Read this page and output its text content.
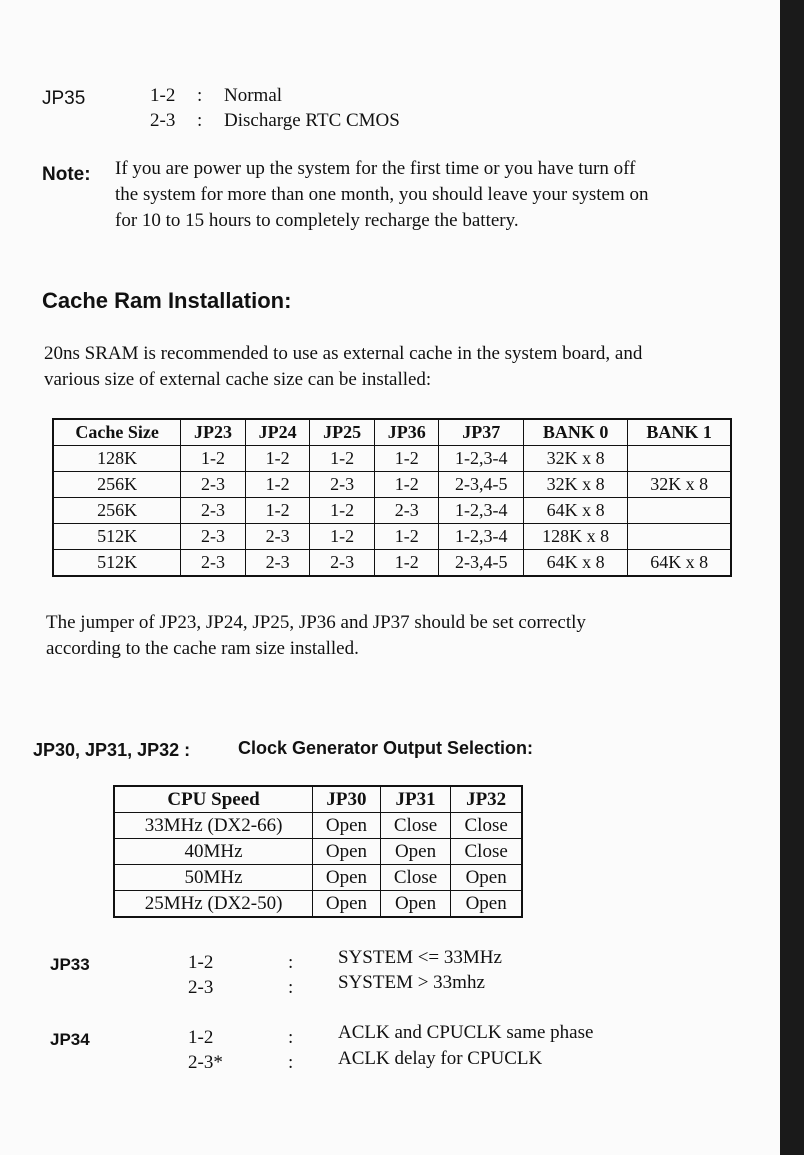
JP35	1-2 : Normal
2-3 : Discharge RTC CMOS
Note: If you are power up the system for the first time or you have turn off
the system for more than one month, you should leave your system on
for 10 to 15 hours to completely recharge the battery.
Cache Ram Installation:
20ns SRAM is recommended to use as external cache in the system board, and
various size of external cache size can be installed:
Cache Size	JP23	JP24	JP25	JP36	JP37	BANK 0	BANK 1
128K	1-2	1-2	1-2	1-2	1-2,3-4	32K x 8	
256K	2-3	1-2	2-3	1-2	2-3,4-5	32K x 8	32K x 8
256K	2-3	1-2	1-2	2-3	1-2,3-4	64K x 8	
512K	2-3	2-3	1-2	1-2	1-2,3-4	128K x 8	
512K	2-3	2-3	2-3	1-2	2-3,4-5	64K x 8	64K x 8
The jumper of JP23, JP24, JP25, JP36 and JP37 should be set correctly
according to the cache ram size installed.
JP30, JP31, JP32 :	Clock Generator Output Selection:
CPU Speed	JP30	JP31	JP32
33MHz (DX2-66)	Open	Close	Close
40MHz	Open	Open	Close
50MHz	Open	Close	Open
25MHz (DX2-50)	Open	Open	Open
JP33	1-2	: SYSTEM <= 33MHz
2-3	: SYSTEM > 33mhz
JP34	1-2	: ACLK and CPUCLK same phase
2-3*	: ACLK delay for CPUCLK
